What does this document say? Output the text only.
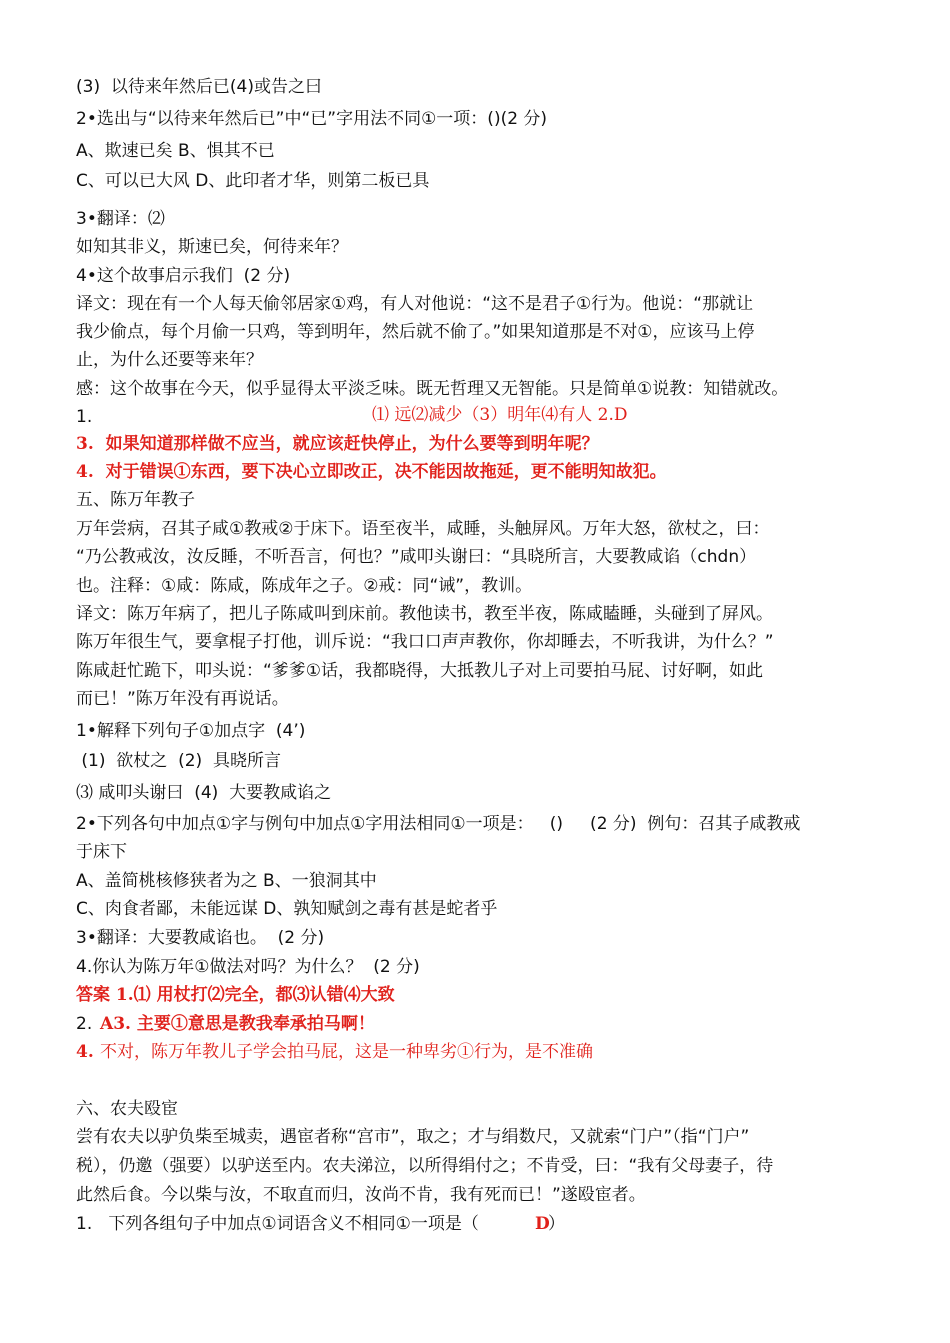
(3)  以待来年然后已(4)或告之曰
2•选出与“以待来年然后已”中“已”字用法不同①一项：()(2 分)
A、欺速已矣 B、惧其不已
C、可以已大风 D、此印者才华，则第二板已具
3•翻译：⑵
如知其非义，斯速已矣，何待来年？
4•这个故事启示我们  (2 分)
译文：现在有一个人每天偷邻居家①鸡，有人对他说：“这不是君子①行为。他说：“那就让
我少偷点，每个月偷一只鸡，等到明年，然后就不偷了。”如果知道那是不对①，应该马上停
止，为什么还要等来年？
感：这个故事在今天，似乎显得太平淡乏味。既无哲理又无智能。只是简单①说教：知错就改。
1.	⑴ 远⑵减少（3）明年⑷有人 2.D
3.  如果知道那样做不应当，就应该赶快停止，为什么要等到明年呢？
4.  对于错误①东西，要下决心立即改正，决不能因故拖延，更不能明知故犯。
五、陈万年教子
万年尝病，召其子咸①教戒②于床下。语至夜半，咸睡，头触屏风。万年大怒，欲杖之，曰：
“乃公教戒汝，汝反睡，不听吾言，何也？”咸叩头谢曰：“具晓所言，大要教咸谄（chdn）
也。注释：①咸：陈咸，陈成年之子。②戒：同“诫”，教训。
译文：陈万年病了，把儿子陈咸叫到床前。教他读书，教至半夜，陈咸瞌睡，头碰到了屏风。
陈万年很生气，要拿棍子打他，训斥说：“我口口声声教你，你却睡去，不听我讲，为什么？”
陈咸赶忙跪下，叩头说：“爹爹①话，我都晓得，大抵教儿子对上司要拍马屁、讨好啊，如此
而已！”陈万年没有再说话。
1•解释下列句子①加点字  (4’)
(1)  欲杖之  (2)  具晓所言
⑶ 咸叩头谢曰  (4)  大要教咸谄之
2•下列各句中加点①字与例句中加点①字用法相同①一项是：   ()     (2 分)  例句：召其子咸教戒
于床下
A、盖简桃核修狭者为之 B、一狼洞其中
C、肉食者鄙，未能远谋 D、孰知赋剑之毒有甚是蛇者乎
3•翻译：大要教咸谄也。  (2 分)
4.你认为陈万年①做法对吗？为什么？  (2 分)
答案 1.⑴ 用杖打⑵完全，都⑶认错⑷大致
2.
A3. 主要①意思是教我奉承拍马啊！
4. 不对，陈万年教儿子学会拍马屁，这是一种卑劣①行为，是不准确
六、农夫殴宦
尝有农夫以驴负柴至城卖，遇宦者称“宫市”，取之；才与绢数尺，又就索“门户”（指“门户”
税），仍邀（强要）以驴送至内。农夫涕泣，以所得绢付之；不肯受，曰：“我有父母妻子，待
此然后食。今以柴与汝，不取直而归，汝尚不肯，我有死而已！”遂殴宦者。
1.   下列各组句子中加点①词语含义不相同①一项是（	D
）
